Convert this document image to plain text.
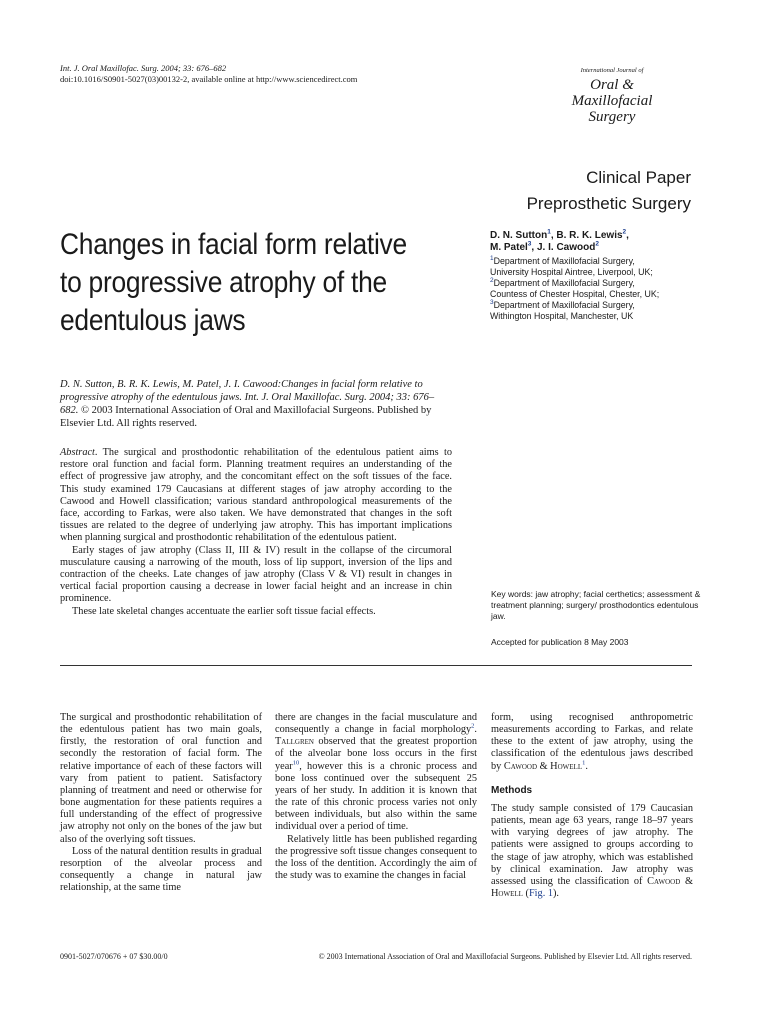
Int. J. Oral Maxillofac. Surg. 2004; 33: 676–682
doi:10.1016/S0901-5027(03)00132-2, available online at http://www.sciencedirect.com
International Journal of
Oral &
Maxillofacial
Surgery
Clinical Paper
Preprosthetic Surgery
Changes in facial form relative to progressive atrophy of the edentulous jaws
D. N. Sutton$^1$, B. R. K. Lewis$^2$,
M. Patel$^3$, J. I. Cawood$^2$
$^1$Department of Maxillofacial Surgery,
University Hospital Aintree, Liverpool, UK;
$^2$Department of Maxillofacial Surgery,
Countess of Chester Hospital, Chester, UK;
$^3$Department of Maxillofacial Surgery,
Withington Hospital, Manchester, UK
D. N. Sutton, B. R. K. Lewis, M. Patel, J. I. Cawood:Changes in facial form relative to progressive atrophy of the edentulous jaws. Int. J. Oral Maxillofac. Surg. 2004; 33: 676–682. © 2003 International Association of Oral and Maxillofacial Surgeons. Published by Elsevier Ltd. All rights reserved.

Abstract. The surgical and prosthodontic rehabilitation of the edentulous patient aims to restore oral function and facial form. Planning treatment requires an understanding of the effect of progressive jaw atrophy, and the concomitant effect on the soft tissues of the face. This study examined 179 Caucasians at different stages of jaw atrophy according to the Cawood and Howell classification; various standard anthropological measurements of the face, according to Farkas, were also taken. We have demonstrated that changes in the soft tissues are related to the degree of underlying jaw atrophy. This has important implications when planning surgical and prosthodontic rehabilitation of the edentulous patient.

Early stages of jaw atrophy (Class II, III & IV) result in the collapse of the circumoral musculature causing a narrowing of the mouth, loss of lip support, inversion of the lips and contraction of the cheeks. Late changes of jaw atrophy (Class V & VI) result in changes in vertical facial proportion causing a decrease in lower facial height and an increase in chin prominence.

These late skeletal changes accentuate the earlier soft tissue facial effects.

Key words: jaw atrophy; facial certhetics; assessment & treatment planning; surgery/ prosthodontics edentulous jaw.
Accepted for publication 8 May 2003

The surgical and prosthodontic rehabilitation of the edentulous patient has two main goals, firstly, the restoration of oral function and secondly the restoration of facial form. The relative importance of each of these factors will vary from patient to patient. Satisfactory planning of treatment and need or otherwise for bone augmentation for these patients requires a full understanding of the effect of progressive jaw atrophy not only on the bones of the jaw but also of the overlying soft tissues.

Loss of the natural dentition results in gradual resorption of the alveolar process and consequently a change in natural jaw relationship, at the same time

there are changes in the facial musculature and consequently a change in facial morphology$^2$. Tallgren observed that the greatest proportion of the alveolar bone loss occurs in the first year$^{10}$, however this is a chronic process and bone loss continued over the subsequent 25 years of her study. In addition it is known that the rate of this chronic process varies not only between individuals, but also within the same individual over a period of time.

Relatively little has been published regarding the progressive soft tissue changes consequent to the loss of the dentition. Accordingly the aim of the study was to examine the changes in facial

form, using recognised anthropometric measurements according to Farkas, and relate these to the extent of jaw atrophy, using the classification of the edentulous jaws described by Cawood & Howell$^1$.

Methods

The study sample consisted of 179 Caucasian patients, mean age 63 years, range 18–97 years with varying degrees of jaw atrophy. The patients were assigned to groups according to the stage of jaw atrophy, which was established by clinical examination. Jaw atrophy was assessed using the classification of Cawood & Howell (Fig. 1).

0901-5027/070676 + 07 $30.00/0	© 2003 International Association of Oral and Maxillofacial Surgeons. Published by Elsevier Ltd. All rights reserved.
